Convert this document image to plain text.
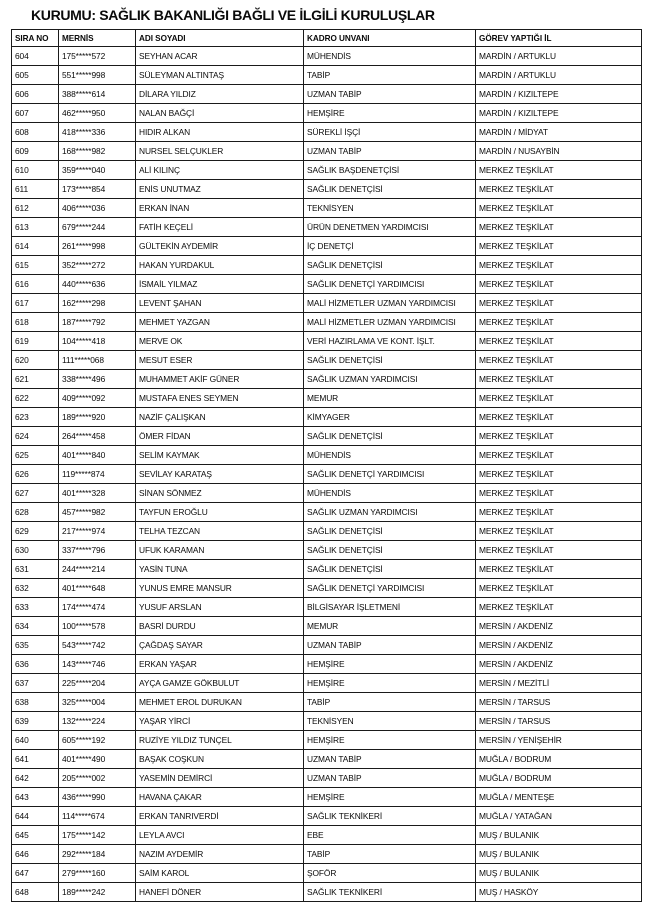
KURUMU: SAĞLIK BAKANLIĞI BAĞLI VE İLGİLİ KURULUŞLAR
SIRA NO	MERNİS	ADI SOYADI	KADRO UNVANI	GÖREV YAPTIĞI İL
604	175*****572	SEYHAN ACAR	MÜHENDİS	MARDİN / ARTUKLU
605	551*****998	SÜLEYMAN ALTINTAŞ	TABİP	MARDİN / ARTUKLU
606	388*****614	DİLARA YILDIZ	UZMAN TABİP	MARDİN / KIZILTEPE
607	462*****950	NALAN BAĞÇİ	HEMŞİRE	MARDİN / KIZILTEPE
608	418*****336	HIDIR ALKAN	SÜREKLİ İŞÇİ	MARDİN / MİDYAT
609	168*****982	NURSEL SELÇUKLER	UZMAN TABİP	MARDİN / NUSAYBİN
610	359*****040	ALİ KILINÇ	SAĞLIK BAŞDENETÇİSİ	MERKEZ TEŞKİLAT
611	173*****854	ENİS UNUTMAZ	SAĞLIK DENETÇİSİ	MERKEZ TEŞKİLAT
612	406*****036	ERKAN İNAN	TEKNİSYEN	MERKEZ TEŞKİLAT
613	679*****244	FATİH KEÇELİ	ÜRÜN DENETMEN YARDIMCISI	MERKEZ TEŞKİLAT
614	261*****998	GÜLTEKİN AYDEMİR	İÇ DENETÇİ	MERKEZ TEŞKİLAT
615	352*****272	HAKAN YURDAKUL	SAĞLIK DENETÇİSİ	MERKEZ TEŞKİLAT
616	440*****636	İSMAİL YILMAZ	SAĞLIK DENETÇİ YARDIMCISI	MERKEZ TEŞKİLAT
617	162*****298	LEVENT ŞAHAN	MALİ HİZMETLER UZMAN YARDIMCISI	MERKEZ TEŞKİLAT
618	187*****792	MEHMET YAZGAN	MALİ HİZMETLER UZMAN YARDIMCISI	MERKEZ TEŞKİLAT
619	104*****418	MERVE OK	VERİ HAZIRLAMA VE KONT. İŞLT.	MERKEZ TEŞKİLAT
620	111*****068	MESUT ESER	SAĞLIK DENETÇİSİ	MERKEZ TEŞKİLAT
621	338*****496	MUHAMMET AKİF GÜNER	SAĞLIK UZMAN YARDIMCISI	MERKEZ TEŞKİLAT
622	409*****092	MUSTAFA ENES SEYMEN	MEMUR	MERKEZ TEŞKİLAT
623	189*****920	NAZİF ÇALIŞKAN	KİMYAGER	MERKEZ TEŞKİLAT
624	264*****458	ÖMER FİDAN	SAĞLIK DENETÇİSİ	MERKEZ TEŞKİLAT
625	401*****840	SELİM KAYMAK	MÜHENDİS	MERKEZ TEŞKİLAT
626	119*****874	SEVİLAY KARATAŞ	SAĞLIK DENETÇİ YARDIMCISI	MERKEZ TEŞKİLAT
627	401*****328	SİNAN SÖNMEZ	MÜHENDİS	MERKEZ TEŞKİLAT
628	457*****982	TAYFUN EROĞLU	SAĞLIK UZMAN YARDIMCISI	MERKEZ TEŞKİLAT
629	217*****974	TELHA TEZCAN	SAĞLIK DENETÇİSİ	MERKEZ TEŞKİLAT
630	337*****796	UFUK KARAMAN	SAĞLIK DENETÇİSİ	MERKEZ TEŞKİLAT
631	244*****214	YASİN TUNA	SAĞLIK DENETÇİSİ	MERKEZ TEŞKİLAT
632	401*****648	YUNUS EMRE MANSUR	SAĞLIK DENETÇİ YARDIMCISI	MERKEZ TEŞKİLAT
633	174*****474	YUSUF ARSLAN	BİLGİSAYAR İŞLETMENİ	MERKEZ TEŞKİLAT
634	100*****578	BASRİ DURDU	MEMUR	MERSİN / AKDENİZ
635	543*****742	ÇAĞDAŞ SAYAR	UZMAN TABİP	MERSİN / AKDENİZ
636	143*****746	ERKAN YAŞAR	HEMŞİRE	MERSİN / AKDENİZ
637	225*****204	AYÇA GAMZE GÖKBULUT	HEMŞİRE	MERSİN / MEZİTLİ
638	325*****004	MEHMET EROL DURUKAN	TABİP	MERSİN / TARSUS
639	132*****224	YAŞAR YİRCİ	TEKNİSYEN	MERSİN / TARSUS
640	605*****192	RUZİYE YILDIZ TUNÇEL	HEMŞİRE	MERSİN / YENİŞEHİR
641	401*****490	BAŞAK COŞKUN	UZMAN TABİP	MUĞLA / BODRUM
642	205*****002	YASEMİN DEMİRCİ	UZMAN TABİP	MUĞLA / BODRUM
643	436*****990	HAVANA ÇAKAR	HEMŞİRE	MUĞLA / MENTEŞE
644	114*****674	ERKAN TANRIVERDİ	SAĞLIK TEKNİKERİ	MUĞLA / YATAĞAN
645	175*****142	LEYLA AVCI	EBE	MUŞ / BULANIK
646	292*****184	NAZIM AYDEMİR	TABİP	MUŞ / BULANIK
647	279*****160	SAİM KAROL	ŞOFÖR	MUŞ / BULANIK
648	189*****242	HANEFİ DÖNER	SAĞLIK TEKNİKERİ	MUŞ / HASKÖY
